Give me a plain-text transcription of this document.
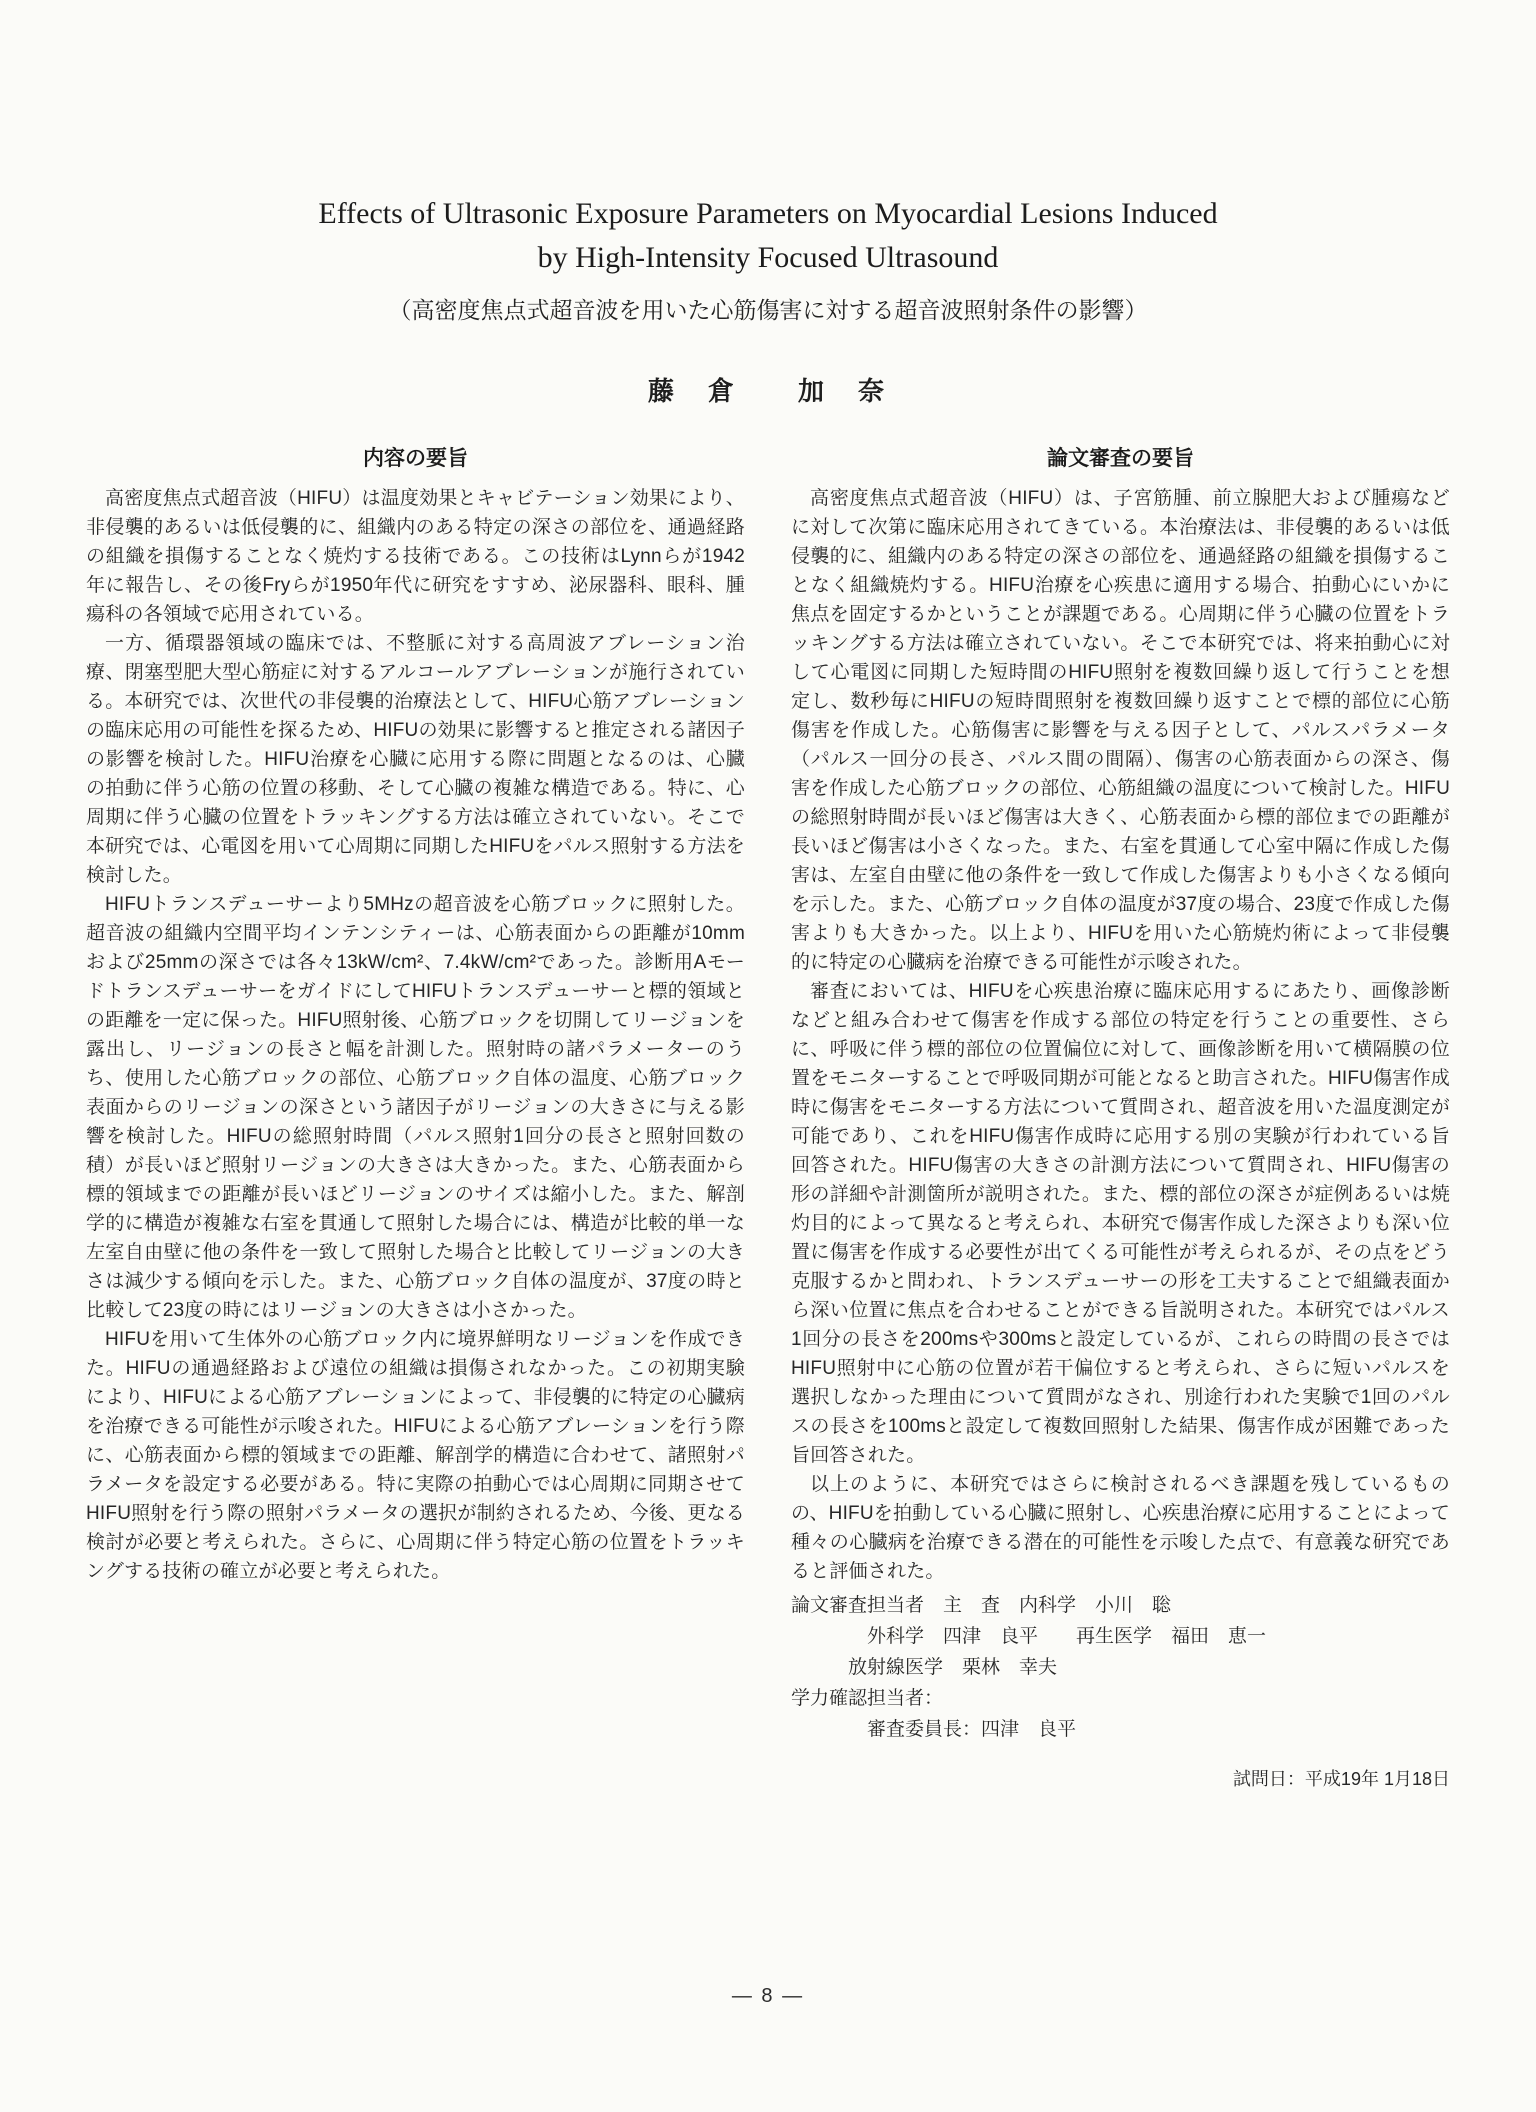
Effects of Ultrasonic Exposure Parameters on Myocardial Lesions Induced
by High-Intensity Focused Ultrasound
（高密度焦点式超音波を用いた心筋傷害に対する超音波照射条件の影響）
藤　倉　　加　奈
内容の要旨

高密度焦点式超音波（HIFU）は温度効果とキャビテーション効果により、非侵襲的あるいは低侵襲的に、組織内のある特定の深さの部位を、通過経路の組織を損傷することなく焼灼する技術である。この技術はLynnらが1942年に報告し、その後Fryらが1950年代に研究をすすめ、泌尿器科、眼科、腫瘍科の各領域で応用されている。

一方、循環器領域の臨床では、不整脈に対する高周波アブレーション治療、閉塞型肥大型心筋症に対するアルコールアブレーションが施行されている。本研究では、次世代の非侵襲的治療法として、HIFU心筋アブレーションの臨床応用の可能性を探るため、HIFUの効果に影響すると推定される諸因子の影響を検討した。HIFU治療を心臓に応用する際に問題となるのは、心臓の拍動に伴う心筋の位置の移動、そして心臓の複雑な構造である。特に、心周期に伴う心臓の位置をトラッキングする方法は確立されていない。そこで本研究では、心電図を用いて心周期に同期したHIFUをパルス照射する方法を検討した。

HIFUトランスデューサーより5MHzの超音波を心筋ブロックに照射した。超音波の組織内空間平均インテンシティーは、心筋表面からの距離が10mmおよび25mmの深さでは各々13kW/cm²、7.4kW/cm²であった。診断用AモードトランスデューサーをガイドにしてHIFUトランスデューサーと標的領域との距離を一定に保った。HIFU照射後、心筋ブロックを切開してリージョンを露出し、リージョンの長さと幅を計測した。照射時の諸パラメーターのうち、使用した心筋ブロックの部位、心筋ブロック自体の温度、心筋ブロック表面からのリージョンの深さという諸因子がリージョンの大きさに与える影響を検討した。HIFUの総照射時間（パルス照射1回分の長さと照射回数の積）が長いほど照射リージョンの大きさは大きかった。また、心筋表面から標的領域までの距離が長いほどリージョンのサイズは縮小した。また、解剖学的に構造が複雑な右室を貫通して照射した場合には、構造が比較的単一な左室自由壁に他の条件を一致して照射した場合と比較してリージョンの大きさは減少する傾向を示した。また、心筋ブロック自体の温度が、37度の時と比較して23度の時にはリージョンの大きさは小さかった。

HIFUを用いて生体外の心筋ブロック内に境界鮮明なリージョンを作成できた。HIFUの通過経路および遠位の組織は損傷されなかった。この初期実験により、HIFUによる心筋アブレーションによって、非侵襲的に特定の心臓病を治療できる可能性が示唆された。HIFUによる心筋アブレーションを行う際に、心筋表面から標的領域までの距離、解剖学的構造に合わせて、諸照射パラメータを設定する必要がある。特に実際の拍動心では心周期に同期させてHIFU照射を行う際の照射パラメータの選択が制約されるため、今後、更なる検討が必要と考えられた。さらに、心周期に伴う特定心筋の位置をトラッキングする技術の確立が必要と考えられた。

論文審査の要旨

高密度焦点式超音波（HIFU）は、子宮筋腫、前立腺肥大および腫瘍などに対して次第に臨床応用されてきている。本治療法は、非侵襲的あるいは低侵襲的に、組織内のある特定の深さの部位を、通過経路の組織を損傷することなく組織焼灼する。HIFU治療を心疾患に適用する場合、拍動心にいかに焦点を固定するかということが課題である。心周期に伴う心臓の位置をトラッキングする方法は確立されていない。そこで本研究では、将来拍動心に対して心電図に同期した短時間のHIFU照射を複数回繰り返して行うことを想定し、数秒毎にHIFUの短時間照射を複数回繰り返すことで標的部位に心筋傷害を作成した。心筋傷害に影響を与える因子として、パルスパラメータ（パルス一回分の長さ、パルス間の間隔）、傷害の心筋表面からの深さ、傷害を作成した心筋ブロックの部位、心筋組織の温度について検討した。HIFUの総照射時間が長いほど傷害は大きく、心筋表面から標的部位までの距離が長いほど傷害は小さくなった。また、右室を貫通して心室中隔に作成した傷害は、左室自由壁に他の条件を一致して作成した傷害よりも小さくなる傾向を示した。また、心筋ブロック自体の温度が37度の場合、23度で作成した傷害よりも大きかった。以上より、HIFUを用いた心筋焼灼術によって非侵襲的に特定の心臓病を治療できる可能性が示唆された。

審査においては、HIFUを心疾患治療に臨床応用するにあたり、画像診断などと組み合わせて傷害を作成する部位の特定を行うことの重要性、さらに、呼吸に伴う標的部位の位置偏位に対して、画像診断を用いて横隔膜の位置をモニターすることで呼吸同期が可能となると助言された。HIFU傷害作成時に傷害をモニターする方法について質問され、超音波を用いた温度測定が可能であり、これをHIFU傷害作成時に応用する別の実験が行われている旨回答された。HIFU傷害の大きさの計測方法について質問され、HIFU傷害の形の詳細や計測箇所が説明された。また、標的部位の深さが症例あるいは焼灼目的によって異なると考えられ、本研究で傷害作成した深さよりも深い位置に傷害を作成する必要性が出てくる可能性が考えられるが、その点をどう克服するかと問われ、トランスデューサーの形を工夫することで組織表面から深い位置に焦点を合わせることができる旨説明された。本研究ではパルス1回分の長さを200msや300msと設定しているが、これらの時間の長さではHIFU照射中に心筋の位置が若干偏位すると考えられ、さらに短いパルスを選択しなかった理由について質問がなされ、別途行われた実験で1回のパルスの長さを100msと設定して複数回照射した結果、傷害作成が困難であった旨回答された。

以上のように、本研究ではさらに検討されるべき課題を残しているものの、HIFUを拍動している心臓に照射し、心疾患治療に応用することによって種々の心臓病を治療できる潜在的可能性を示唆した点で、有意義な研究であると評価された。

論文審査担当者　主　査　内科学　小川　聡
　　　　外科学　四津　良平　　再生医学　福田　恵一
　　　放射線医学　栗林　幸夫
学力確認担当者：
　　　　審査委員長：四津　良平
試問日：平成19年 1月18日
— 8 —
